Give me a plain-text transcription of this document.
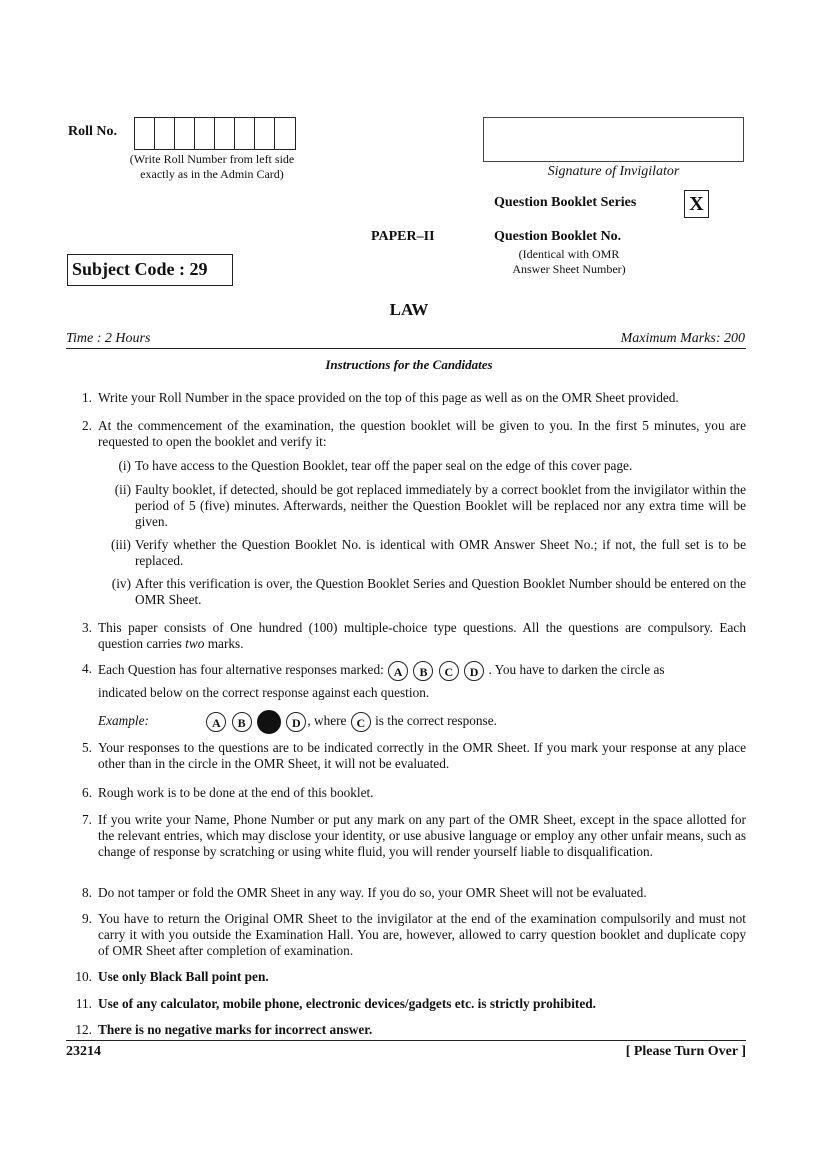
Roll No.
(Write Roll Number from left side
exactly as in the Admin Card)	Signature of Invigilator
Question Booklet Series	X
PAPER–II	Question Booklet No.
(Identical with OMR
Answer Sheet Number)
Subject Code : 29
LAW
Time : 2 Hours	Maximum Marks: 200
Instructions for the Candidates
1. Write your Roll Number in the space provided on the top of this page as well as on the OMR Sheet provided.
2. At the commencement of the examination, the question booklet will be given to you. In the first 5 minutes, you are requested to open the booklet and verify it:
(i) To have access to the Question Booklet, tear off the paper seal on the edge of this cover page.
(ii) Faulty booklet, if detected, should be got replaced immediately by a correct booklet from the invigilator within the period of 5 (five) minutes. Afterwards, neither the Question Booklet will be replaced nor any extra time will be given.
(iii) Verify whether the Question Booklet No. is identical with OMR Answer Sheet No.; if not, the full set is to be replaced.
(iv) After this verification is over, the Question Booklet Series and Question Booklet Number should be entered on the OMR Sheet.
3. This paper consists of One hundred (100) multiple-choice type questions. All the questions are compulsory. Each question carries two marks.
4. Each Question has four alternative responses marked: A B C D . You have to darken the circle as
indicated below on the correct response against each question.
Example:	A B	D , where C is the correct response.
5. Your responses to the questions are to be indicated correctly in the OMR Sheet. If you mark your response at any place other than in the circle in the OMR Sheet, it will not be evaluated.
6. Rough work is to be done at the end of this booklet.
7. If you write your Name, Phone Number or put any mark on any part of the OMR Sheet, except in the space allotted for the relevant entries, which may disclose your identity, or use abusive language or employ any other unfair means, such as change of response by scratching or using white fluid, you will render yourself liable to disqualification.
8. Do not tamper or fold the OMR Sheet in any way. If you do so, your OMR Sheet will not be evaluated.
9. You have to return the Original OMR Sheet to the invigilator at the end of the examination compulsorily and must not carry it with you outside the Examination Hall. You are, however, allowed to carry question booklet and duplicate copy of OMR Sheet after completion of examination.
10. Use only Black Ball point pen.
11. Use of any calculator, mobile phone, electronic devices/gadgets etc. is strictly prohibited.
12. There is no negative marks for incorrect answer.
23214	[ Please Turn Over ]
